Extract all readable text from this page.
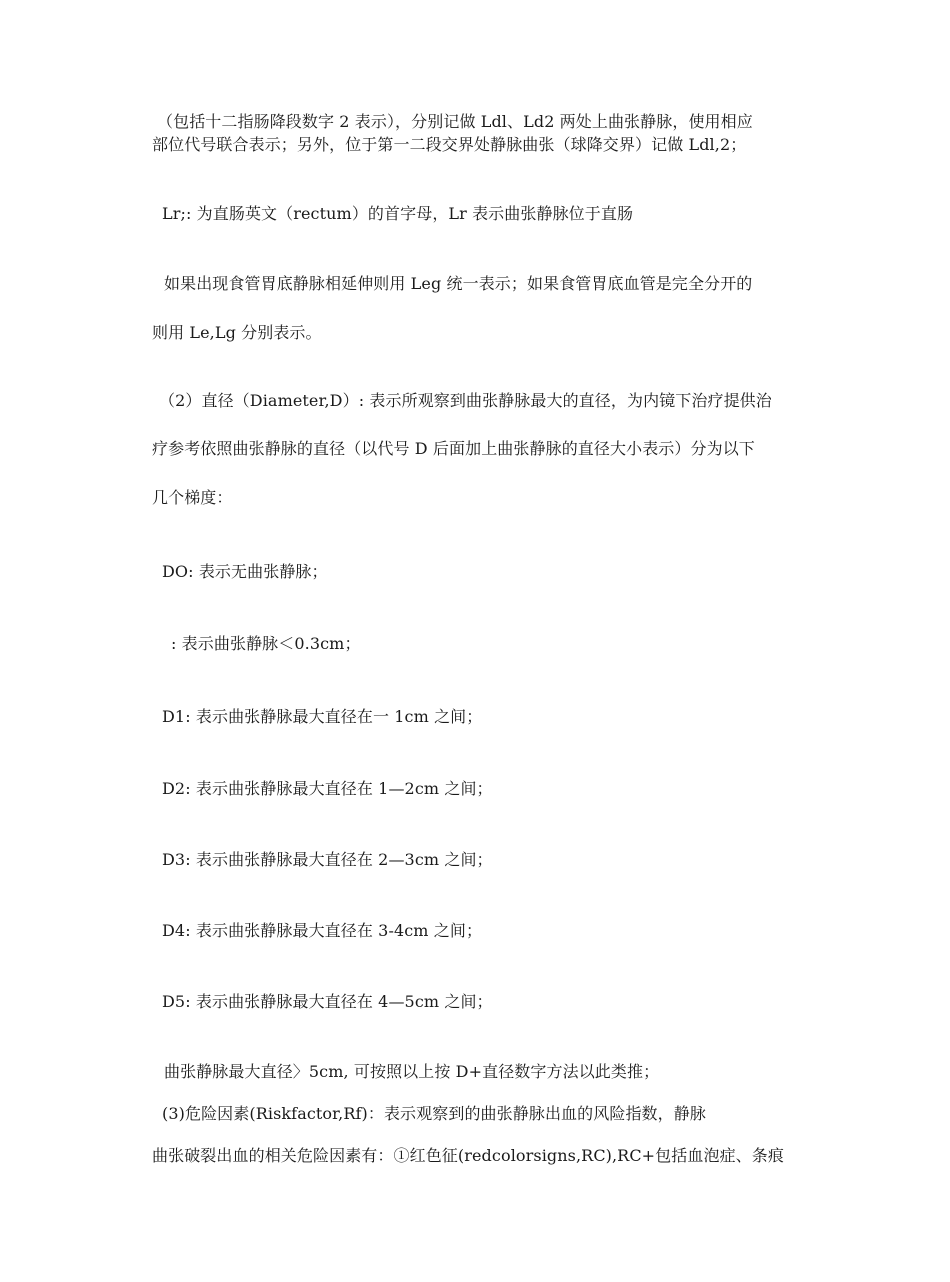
（包括十二指肠降段数字 2 表示），分别记做 Ldl、Ld2 两处上曲张静脉，使用相应
部位代号联合表示；另外，位于第一二段交界处静脉曲张（球降交界）记做 Ldl,2；
Lr;: 为直肠英文（rectum）的首字母，Lr 表示曲张静脉位于直肠
如果出现食管胃底静脉相延伸则用 Leg 统一表示；如果食管胃底血管是完全分开的
则用 Le,Lg 分别表示。
（2）直径（Diameter,D）: 表示所观察到曲张静脉最大的直径，为内镜下治疗提供治
疗参考依照曲张静脉的直径（以代号 D 后面加上曲张静脉的直径大小表示）分为以下
几个梯度：
DO: 表示无曲张静脉；
: 表示曲张静脉＜0.3cm；
D1: 表示曲张静脉最大直径在一 1cm 之间；
D2: 表示曲张静脉最大直径在 1—2cm 之间；
D3: 表示曲张静脉最大直径在 2—3cm 之间；
D4: 表示曲张静脉最大直径在 3-4cm 之间；
D5: 表示曲张静脉最大直径在 4—5cm 之间；
曲张静脉最大直径〉5cm, 可按照以上按 D+直径数字方法以此类推；
(3)危险因素(Riskfactor,Rf)：表示观察到的曲张静脉出血的风险指数，静脉
曲张破裂出血的相关危险因素有：①红色征(redcolorsigns,RC),RC+包括血泡症、条痕
